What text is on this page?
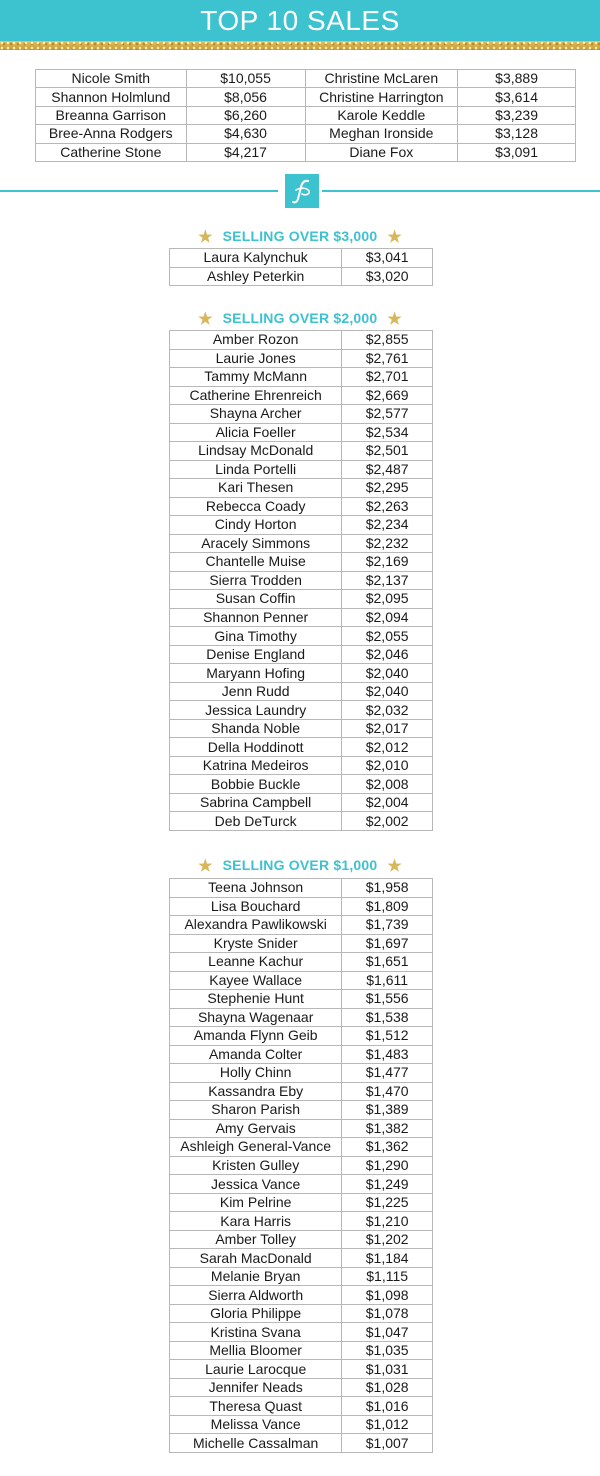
TOP 10 SALES
Nicole Smith	$10,055	Christine McLaren	$3,889
Shannon Holmlund	$8,056	Christine Harrington	$3,614
Breanna Garrison	$6,260	Karole Keddle	$3,239
Bree-Anna Rodgers	$4,630	Meghan Ironside	$3,128
Catherine Stone	$4,217	Diane Fox	$3,091
★ SELLING OVER $3,000 ★
Laura Kalynchuk	$3,041
Ashley Peterkin	$3,020
★ SELLING OVER $2,000 ★
Amber Rozon	$2,855
Laurie Jones	$2,761
Tammy McMann	$2,701
Catherine Ehrenreich	$2,669
Shayna Archer	$2,577
Alicia Foeller	$2,534
Lindsay McDonald	$2,501
Linda Portelli	$2,487
Kari Thesen	$2,295
Rebecca Coady	$2,263
Cindy Horton	$2,234
Aracely Simmons	$2,232
Chantelle Muise	$2,169
Sierra Trodden	$2,137
Susan Coffin	$2,095
Shannon Penner	$2,094
Gina Timothy	$2,055
Denise England	$2,046
Maryann Hofing	$2,040
Jenn Rudd	$2,040
Jessica Laundry	$2,032
Shanda Noble	$2,017
Della Hoddinott	$2,012
Katrina Medeiros	$2,010
Bobbie Buckle	$2,008
Sabrina Campbell	$2,004
Deb DeTurck	$2,002
★ SELLING OVER $1,000 ★
Teena Johnson	$1,958
Lisa Bouchard	$1,809
Alexandra Pawlikowski	$1,739
Kryste Snider	$1,697
Leanne Kachur	$1,651
Kayee Wallace	$1,611
Stephenie Hunt	$1,556
Shayna Wagenaar	$1,538
Amanda Flynn Geib	$1,512
Amanda Colter	$1,483
Holly Chinn	$1,477
Kassandra Eby	$1,470
Sharon Parish	$1,389
Amy Gervais	$1,382
Ashleigh General-Vance	$1,362
Kristen Gulley	$1,290
Jessica Vance	$1,249
Kim Pelrine	$1,225
Kara Harris	$1,210
Amber Tolley	$1,202
Sarah MacDonald	$1,184
Melanie Bryan	$1,115
Sierra Aldworth	$1,098
Gloria Philippe	$1,078
Kristina Svana	$1,047
Mellia Bloomer	$1,035
Laurie Larocque	$1,031
Jennifer Neads	$1,028
Theresa Quast	$1,016
Melissa Vance	$1,012
Michelle Cassalman	$1,007
